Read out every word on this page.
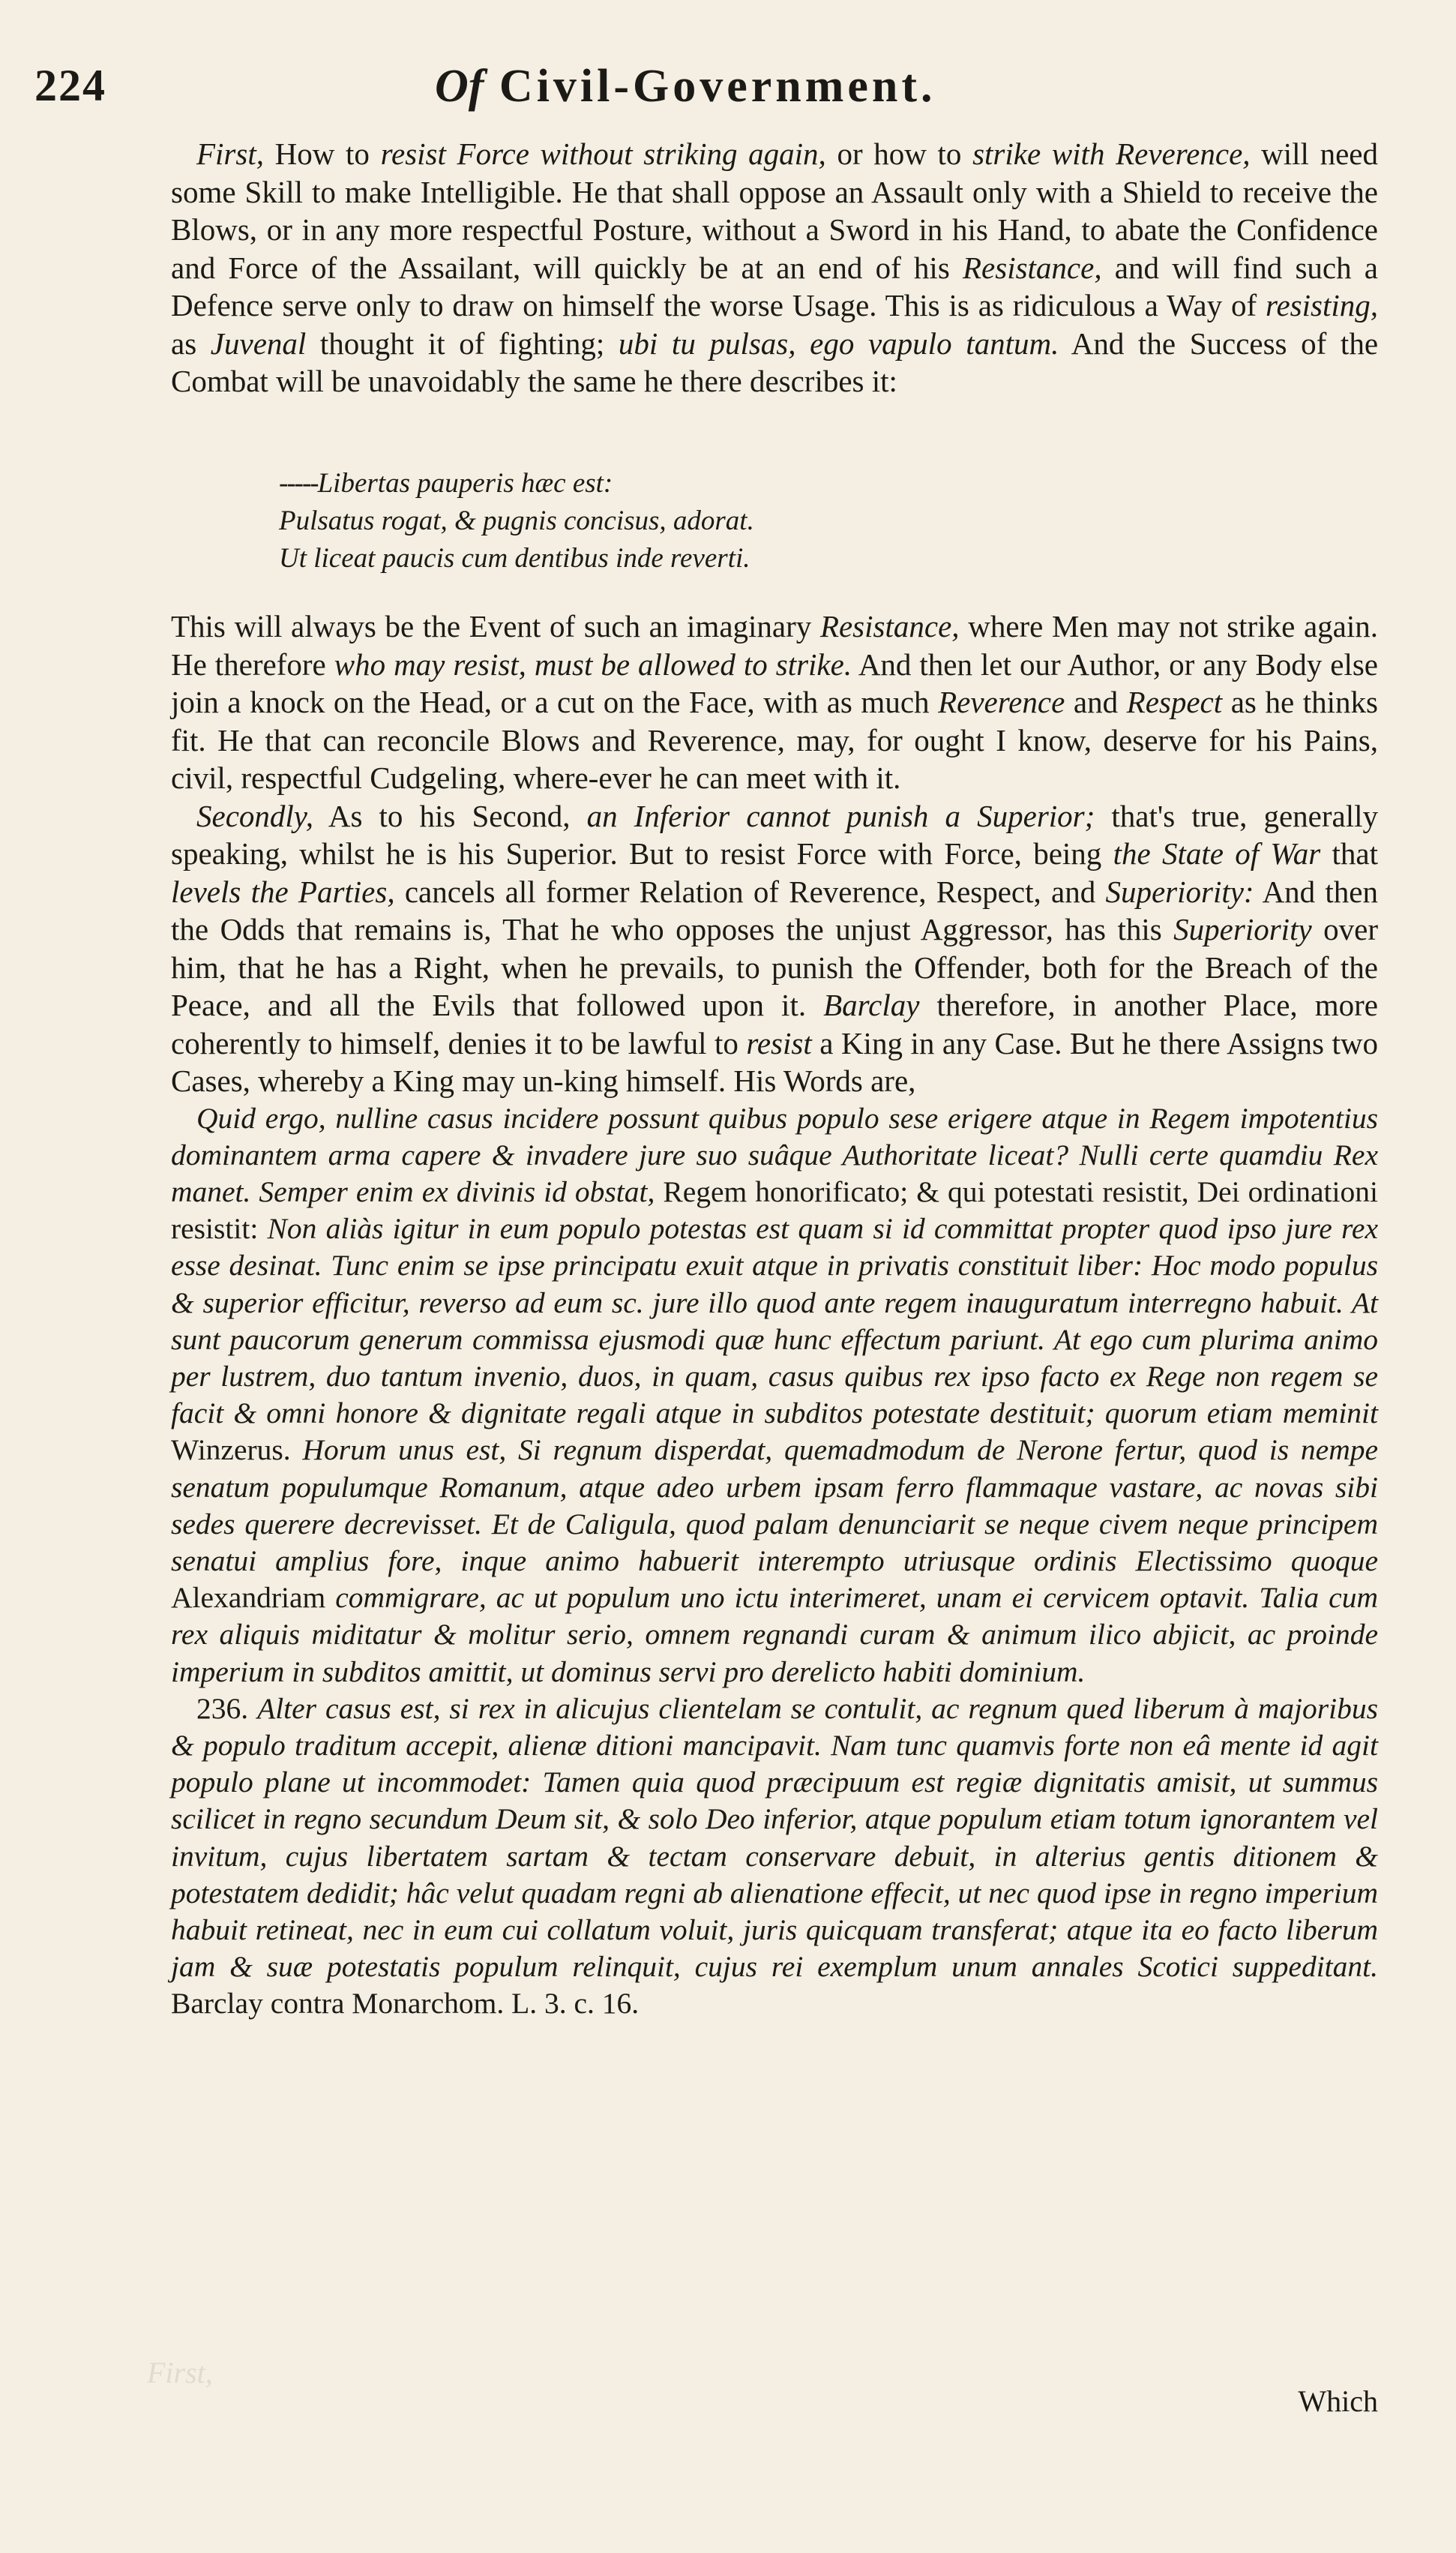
224	Of Civil-Government.

First, How to resist Force without striking again, or how to strike with Reverence, will need some Skill to make Intelligible. He that shall oppose an Assault only with a Shield to receive the Blows, or in any more respectful Posture, without a Sword in his Hand, to abate the Confidence and Force of the Assailant, will quickly be at an end of his Resistance, and will find such a Defence serve only to draw on himself the worse Usage. This is as ridiculous a Way of resisting, as Juvenal thought it of fighting; ubi tu pulsas, ego vapulo tantum. And the Success of the Combat will be unavoidably the same he there describes it:

-----Libertas pauperis hæc est:
Pulsatus rogat, & pugnis concisus, adorat.
Ut liceat paucis cum dentibus inde reverti.

This will always be the Event of such an imaginary Resistance, where Men may not strike again. He therefore who may resist, must be allowed to strike. And then let our Author, or any Body else join a knock on the Head, or a cut on the Face, with as much Reverence and Respect as he thinks fit. He that can reconcile Blows and Reverence, may, for ought I know, deserve for his Pains, civil, respectful Cudgeling, where-ever he can meet with it.

Secondly, As to his Second, an Inferior cannot punish a Superior; that's true, generally speaking, whilst he is his Superior. But to resist Force with Force, being the State of War that levels the Parties, cancels all former Relation of Reverence, Respect, and Superiority: And then the Odds that remains is, That he who opposes the unjust Aggressor, has this Superiority over him, that he has a Right, when he prevails, to punish the Offender, both for the Breach of the Peace, and all the Evils that followed upon it. Barclay therefore, in another Place, more coherently to himself, denies it to be lawful to resist a King in any Case. But he there Assigns two Cases, whereby a King may un-king himself. His Words are,

Quid ergo, nulline casus incidere possunt quibus populo sese erigere atque in Regem impotentius dominantem arma capere & invadere jure suo suâque Authoritate liceat? Nulli certe quamdiu Rex manet. Semper enim ex divinis id obstat, Regem honorificato; & qui potestati resistit, Dei ordinationi resistit: Non aliàs igitur in eum populo potestas est quam si id committat propter quod ipso jure rex esse desinat. Tunc enim se ipse principatu exuit atque in privatis constituit liber: Hoc modo populus & superior efficitur, reverso ad eum sc. jure illo quod ante regem inauguratum interregno habuit. At sunt paucorum generum commissa ejusmodi quæ hunc effectum pariunt. At ego cum plurima animo per lustrem, duo tantum invenio, duos, in quam, casus quibus rex ipso facto ex Rege non regem se facit & omni honore & dignitate regali atque in subditos potestate destituit; quorum etiam meminit Winzerus. Horum unus est, Si regnum disperdat, quemadmodum de Nerone fertur, quod is nempe senatum populumque Romanum, atque adeo urbem ipsam ferro flammaque vastare, ac novas sibi sedes querere decrevisset. Et de Caligula, quod palam denunciarit se neque civem neque principem senatui amplius fore, inque animo habuerit interempto utriusque ordinis Electissimo quoque Alexandriam commigrare, ac ut populum uno ictu interimeret, unam ei cervicem optavit. Talia cum rex aliquis miditatur & molitur serio, omnem regnandi curam & animum ilico abjicit, ac proinde imperium in subditos amittit, ut dominus servi pro derelicto habiti dominium.

236. Alter casus est, si rex in alicujus clientelam se contulit, ac regnum qued liberum à majoribus & populo traditum accepit, alienæ ditioni mancipavit. Nam tunc quamvis forte non eâ mente id agit populo plane ut incommodet: Tamen quia quod præcipuum est regiæ dignitatis amisit, ut summus scilicet in regno secundum Deum sit, & solo Deo inferior, atque populum etiam totum ignorantem vel invitum, cujus libertatem sartam & tectam conservare debuit, in alterius gentis ditionem & potestatem dedidit; hâc velut quadam regni ab alienatione effecit, ut nec quod ipse in regno imperium habuit retineat, nec in eum cui collatum voluit, juris quicquam transferat; atque ita eo facto liberum jam & suæ potestatis populum relinquit, cujus rei exemplum unum annales Scotici suppeditant. Barclay contra Monarchom. L. 3. c. 16.

First,
Which
